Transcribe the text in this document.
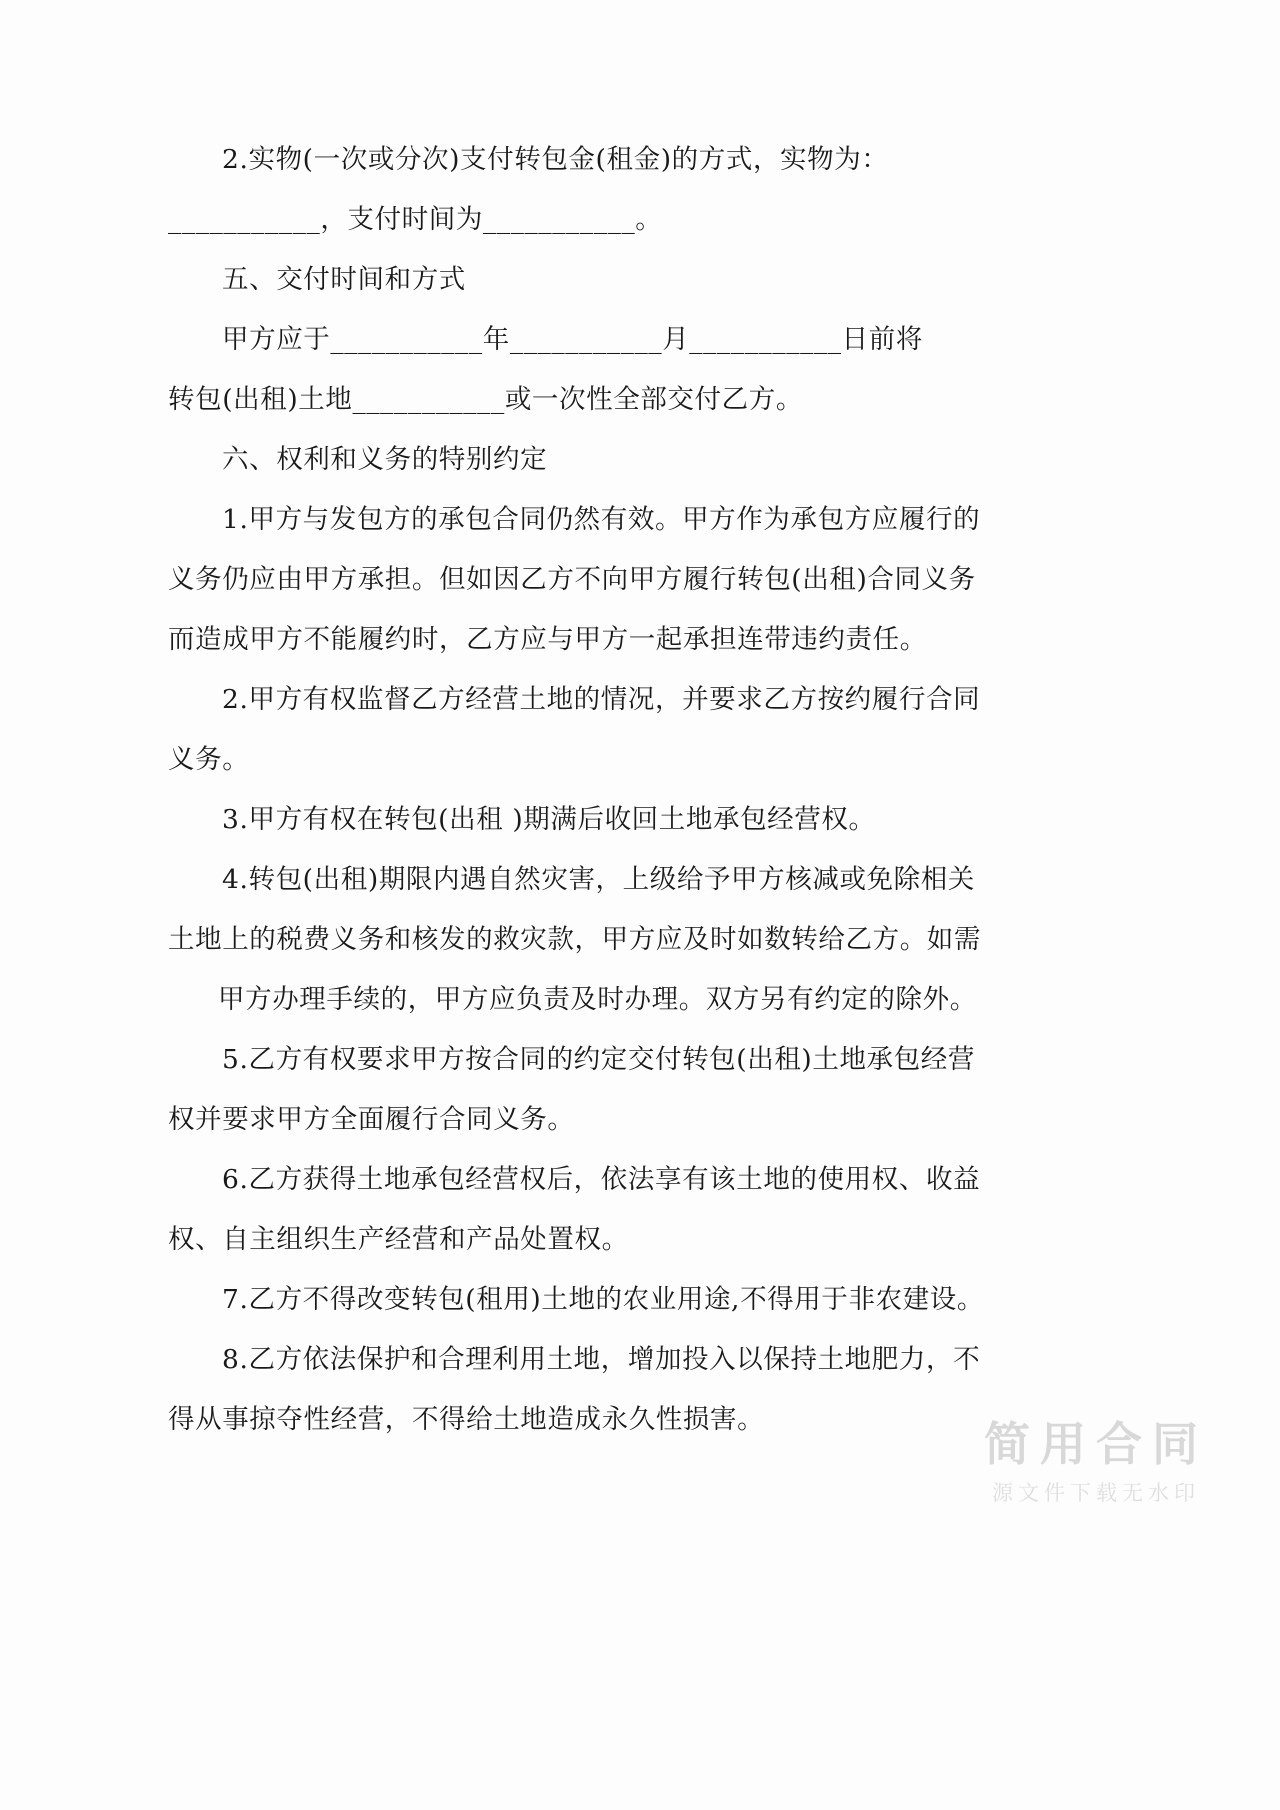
2.实物(一次或分次)支付转包金(租金)的方式，实物为：
___________，支付时间为___________。
五、交付时间和方式
甲方应于___________年___________月___________日前将
转包(出租)土地___________或一次性全部交付乙方。
六、权利和义务的特别约定
1.甲方与发包方的承包合同仍然有效。甲方作为承包方应履行的
义务仍应由甲方承担。但如因乙方不向甲方履行转包(出租)合同义务
而造成甲方不能履约时，乙方应与甲方一起承担连带违约责任。
2.甲方有权监督乙方经营土地的情况，并要求乙方按约履行合同
义务。
3.甲方有权在转包(出租 )期满后收回土地承包经营权。
4.转包(出租)期限内遇自然灾害，上级给予甲方核减或免除相关
土地上的税费义务和核发的救灾款，甲方应及时如数转给乙方。如需
甲方办理手续的，甲方应负责及时办理。双方另有约定的除外。
5.乙方有权要求甲方按合同的约定交付转包(出租)土地承包经营
权并要求甲方全面履行合同义务。
6.乙方获得土地承包经营权后，依法享有该土地的使用权、收益
权、自主组织生产经营和产品处置权。
7.乙方不得改变转包(租用)土地的农业用途,不得用于非农建设。
8.乙方依法保护和合理利用土地，增加投入以保持土地肥力，不
得从事掠夺性经营，不得给土地造成永久性损害。	简用合同
源文件下载无水印
